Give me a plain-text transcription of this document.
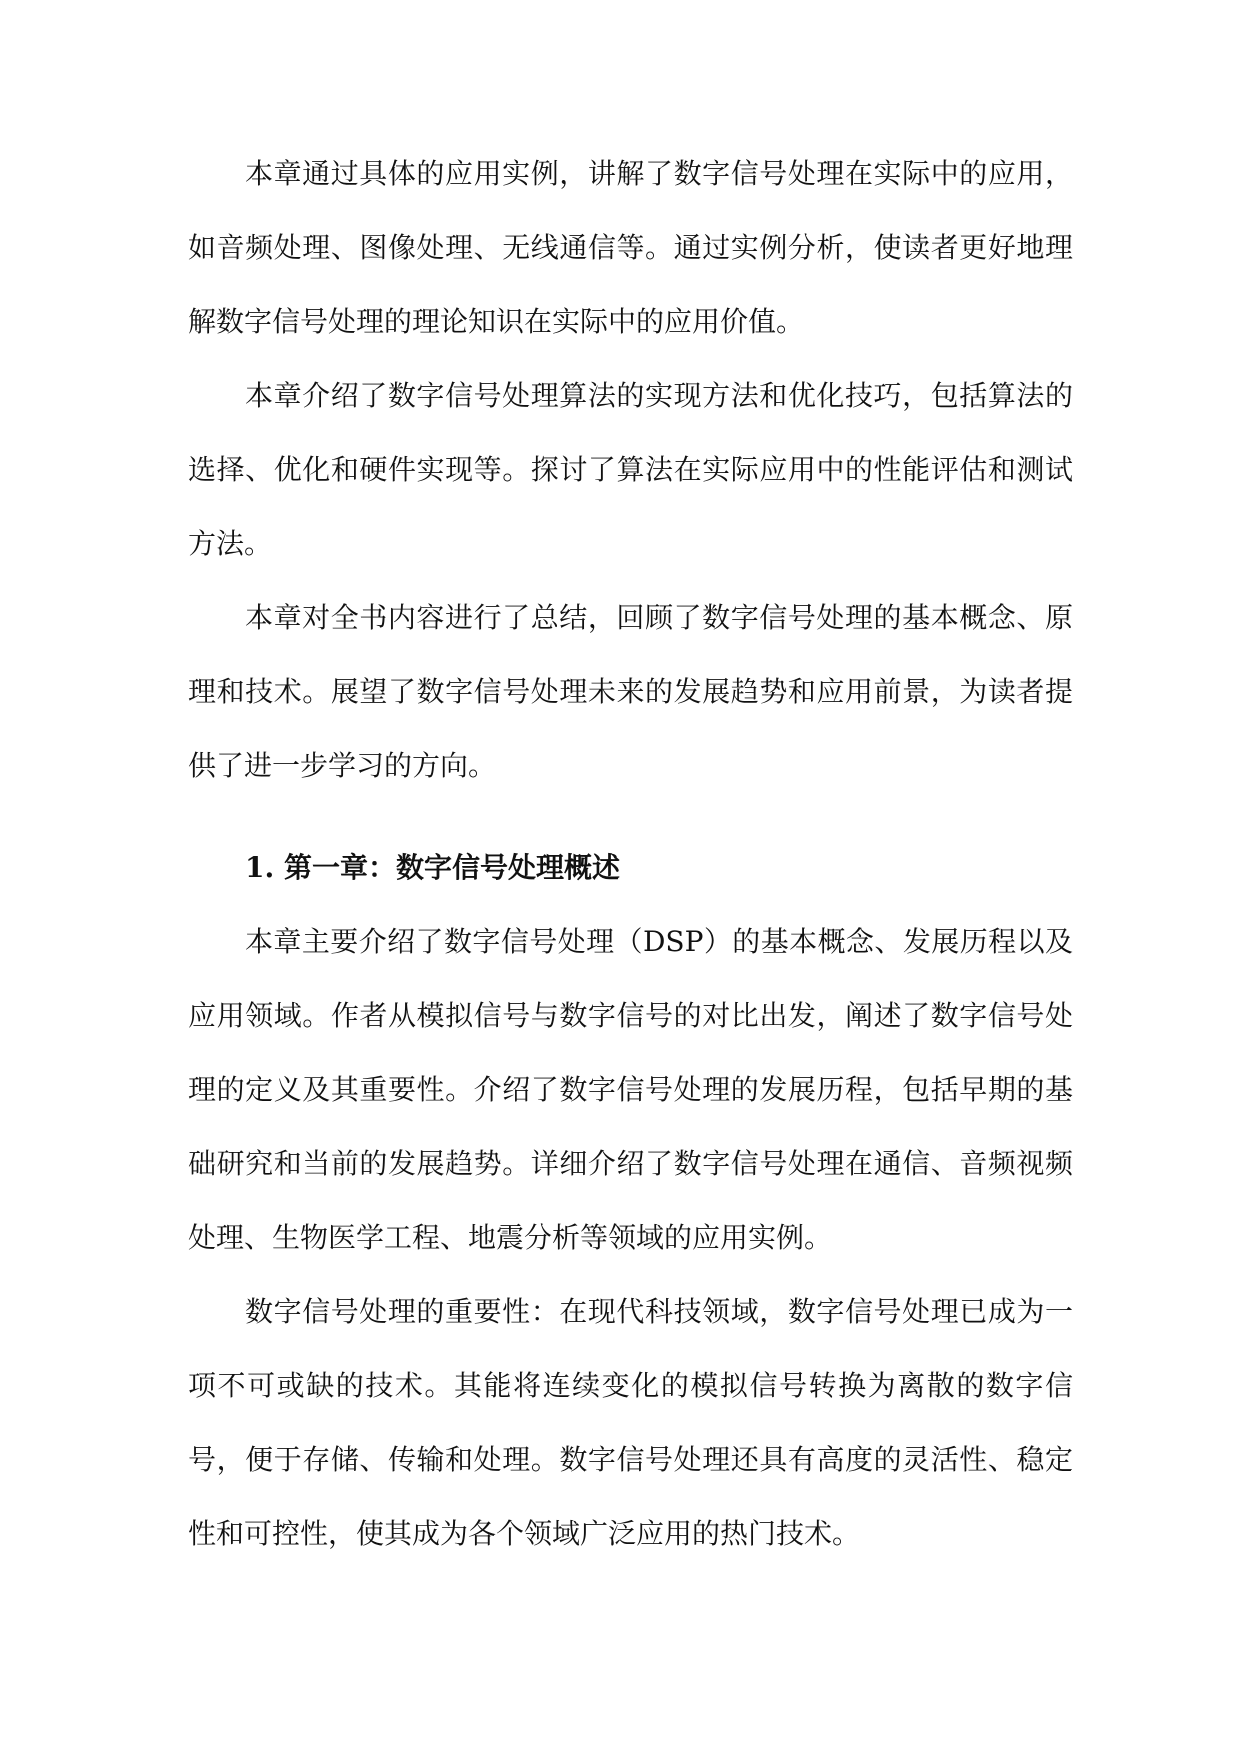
本章通过具体的应用实例，讲解了数字信号处理在实际中的应用，如音频处理、图像处理、无线通信等。通过实例分析，使读者更好地理解数字信号处理的理论知识在实际中的应用价值。

本章介绍了数字信号处理算法的实现方法和优化技巧，包括算法的选择、优化和硬件实现等。探讨了算法在实际应用中的性能评估和测试方法。

本章对全书内容进行了总结，回顾了数字信号处理的基本概念、原理和技术。展望了数字信号处理未来的发展趋势和应用前景，为读者提供了进一步学习的方向。

1. 第一章：数字信号处理概述

本章主要介绍了数字信号处理（DSP）的基本概念、发展历程以及应用领域。作者从模拟信号与数字信号的对比出发，阐述了数字信号处理的定义及其重要性。介绍了数字信号处理的发展历程，包括早期的基础研究和当前的发展趋势。详细介绍了数字信号处理在通信、音频视频处理、生物医学工程、地震分析等领域的应用实例。

数字信号处理的重要性：在现代科技领域，数字信号处理已成为一项不可或缺的技术。其能将连续变化的模拟信号转换为离散的数字信号，便于存储、传输和处理。数字信号处理还具有高度的灵活性、稳定性和可控性，使其成为各个领域广泛应用的热门技术。
